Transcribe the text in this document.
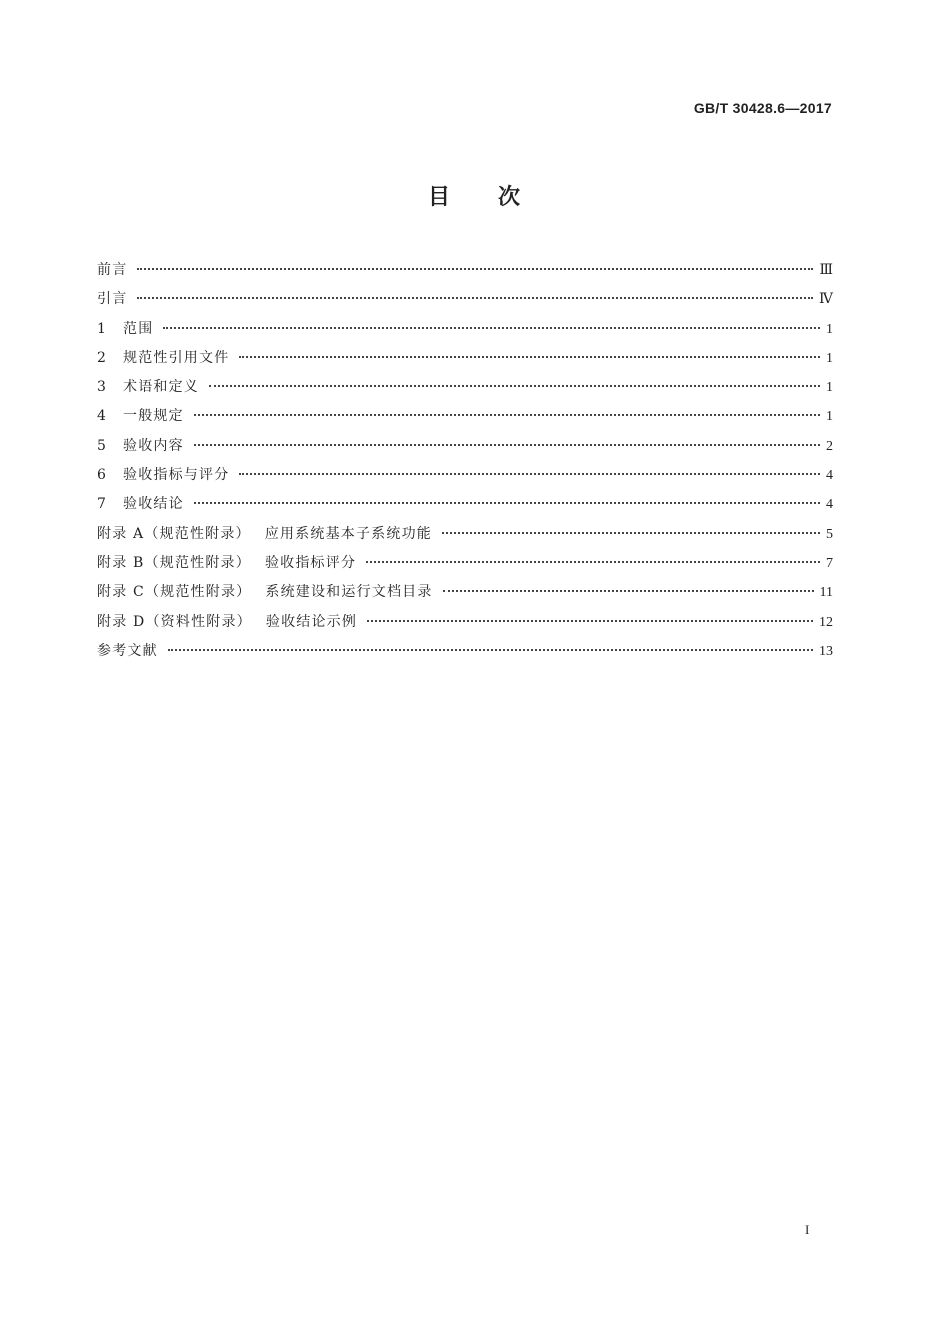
GB/T 30428.6—2017
目 次
前言	Ⅲ
引言	Ⅳ
1 范围	1
2 规范性引用文件	1
3 术语和定义	1
4 一般规定	1
5 验收内容	2
6 验收指标与评分	4
7 验收结论	4
附录 A（规范性附录） 应用系统基本子系统功能	5
附录 B（规范性附录） 验收指标评分	7
附录 C（规范性附录） 系统建设和运行文档目录	11
附录 D（资料性附录） 验收结论示例	12
参考文献	13
I
